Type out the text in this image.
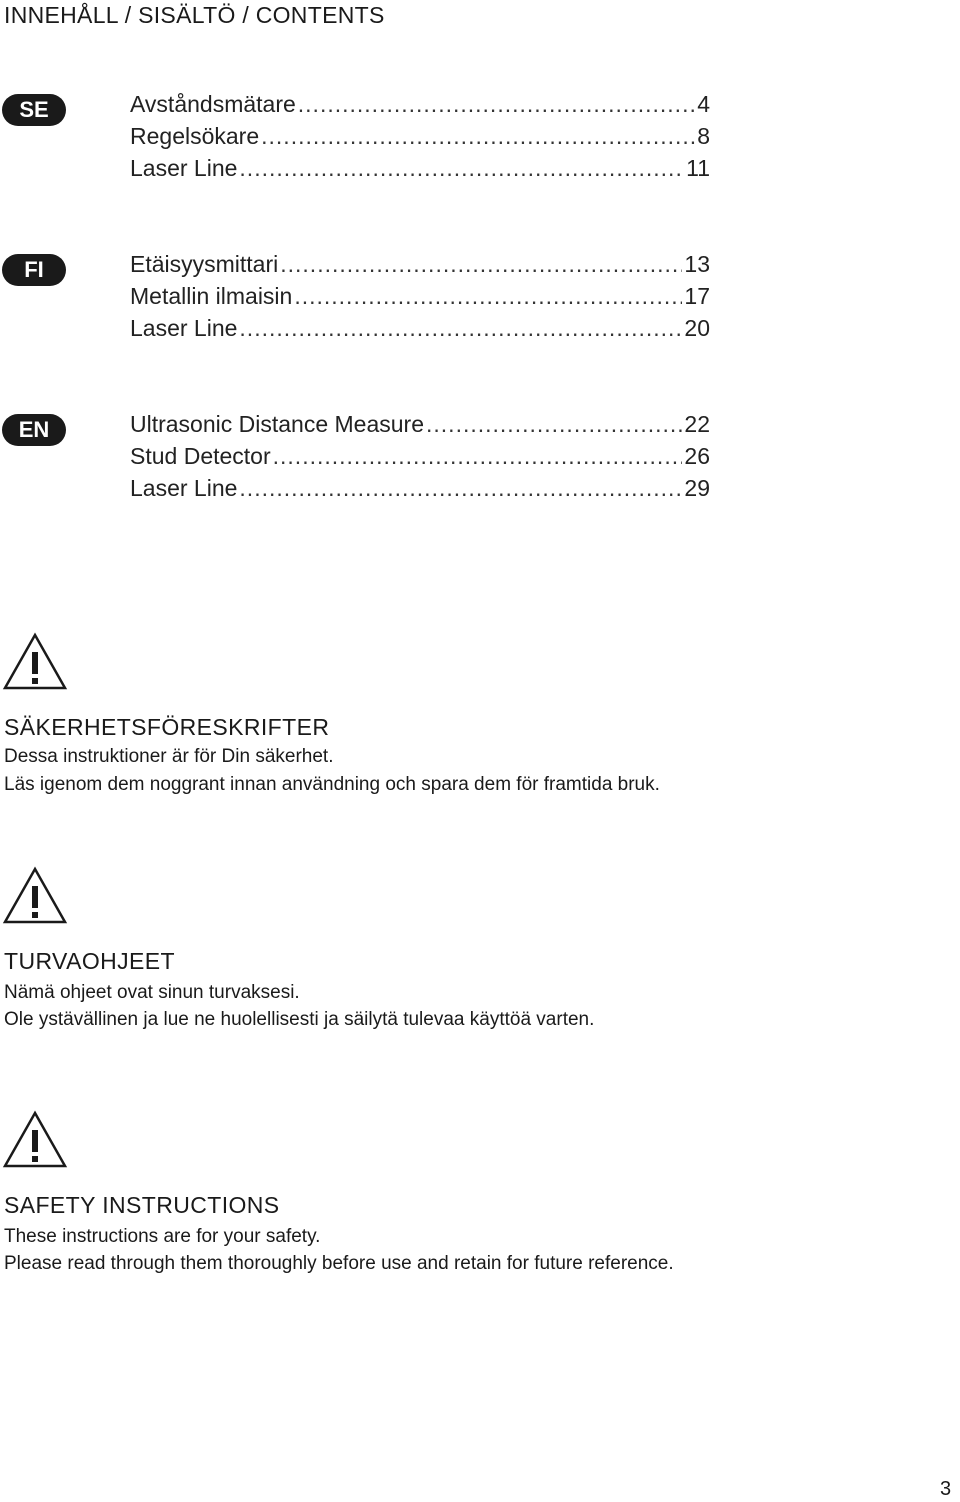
INNEHÅLL / SISÄLTÖ / CONTENTS
SE	Avståndsmätare .....	4
Regelsökare .....	8
Laser Line .....	11
FI	Etäisyysmittari .....	13
Metallin ilmaisin .....	17
Laser Line .....	20
EN	Ultrasonic Distance Measure .....	22
Stud Detector .....	26
Laser Line .....	29
SÄKERHETSFÖRESKRIFTER
Dessa instruktioner är för Din säkerhet.
Läs igenom dem noggrant innan användning och spara dem för framtida bruk.
TURVAOHJEET
Nämä ohjeet ovat sinun turvaksesi.
Ole ystävällinen ja lue ne huolellisesti ja säilytä tulevaa käyttöä varten.
SAFETY INSTRUCTIONS
These instructions are for your safety.
Please read through them thoroughly before use and retain for future reference.
3
